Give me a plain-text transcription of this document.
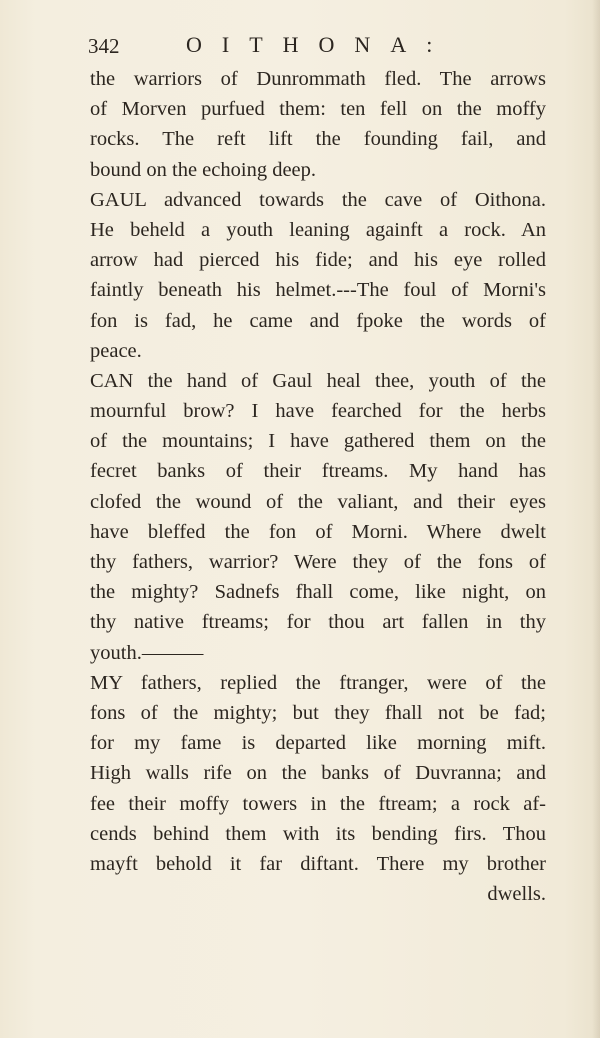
342	OITHONA:
the warriors of Dunrommath fled. The arrows
of Morven purfued them: ten fell on the moffy
rocks. The reft lift the founding fail, and
bound on the echoing deep.
GAUL advanced towards the cave of Oithona.
He beheld a youth leaning againft a rock. An
arrow had pierced his fide; and his eye rolled
faintly beneath his helmet.---The foul of Morni's
fon is fad, he came and fpoke the words of
peace.
CAN the hand of Gaul heal thee, youth of the
mournful brow? I have fearched for the herbs
of the mountains; I have gathered them on the
fecret banks of their ftreams. My hand has
clofed the wound of the valiant, and their eyes
have bleffed the fon of Morni. Where dwelt
thy fathers, warrior? Were they of the fons of
the mighty? Sadnefs fhall come, like night, on
thy native ftreams; for thou art fallen in thy
youth.———
MY fathers, replied the ftranger, were of the
fons of the mighty; but they fhall not be fad;
for my fame is departed like morning mift.
High walls rife on the banks of Duvranna; and
fee their moffy towers in the ftream; a rock af-
cends behind them with its bending firs. Thou
mayft behold it far diftant. There my brother
dwells.
